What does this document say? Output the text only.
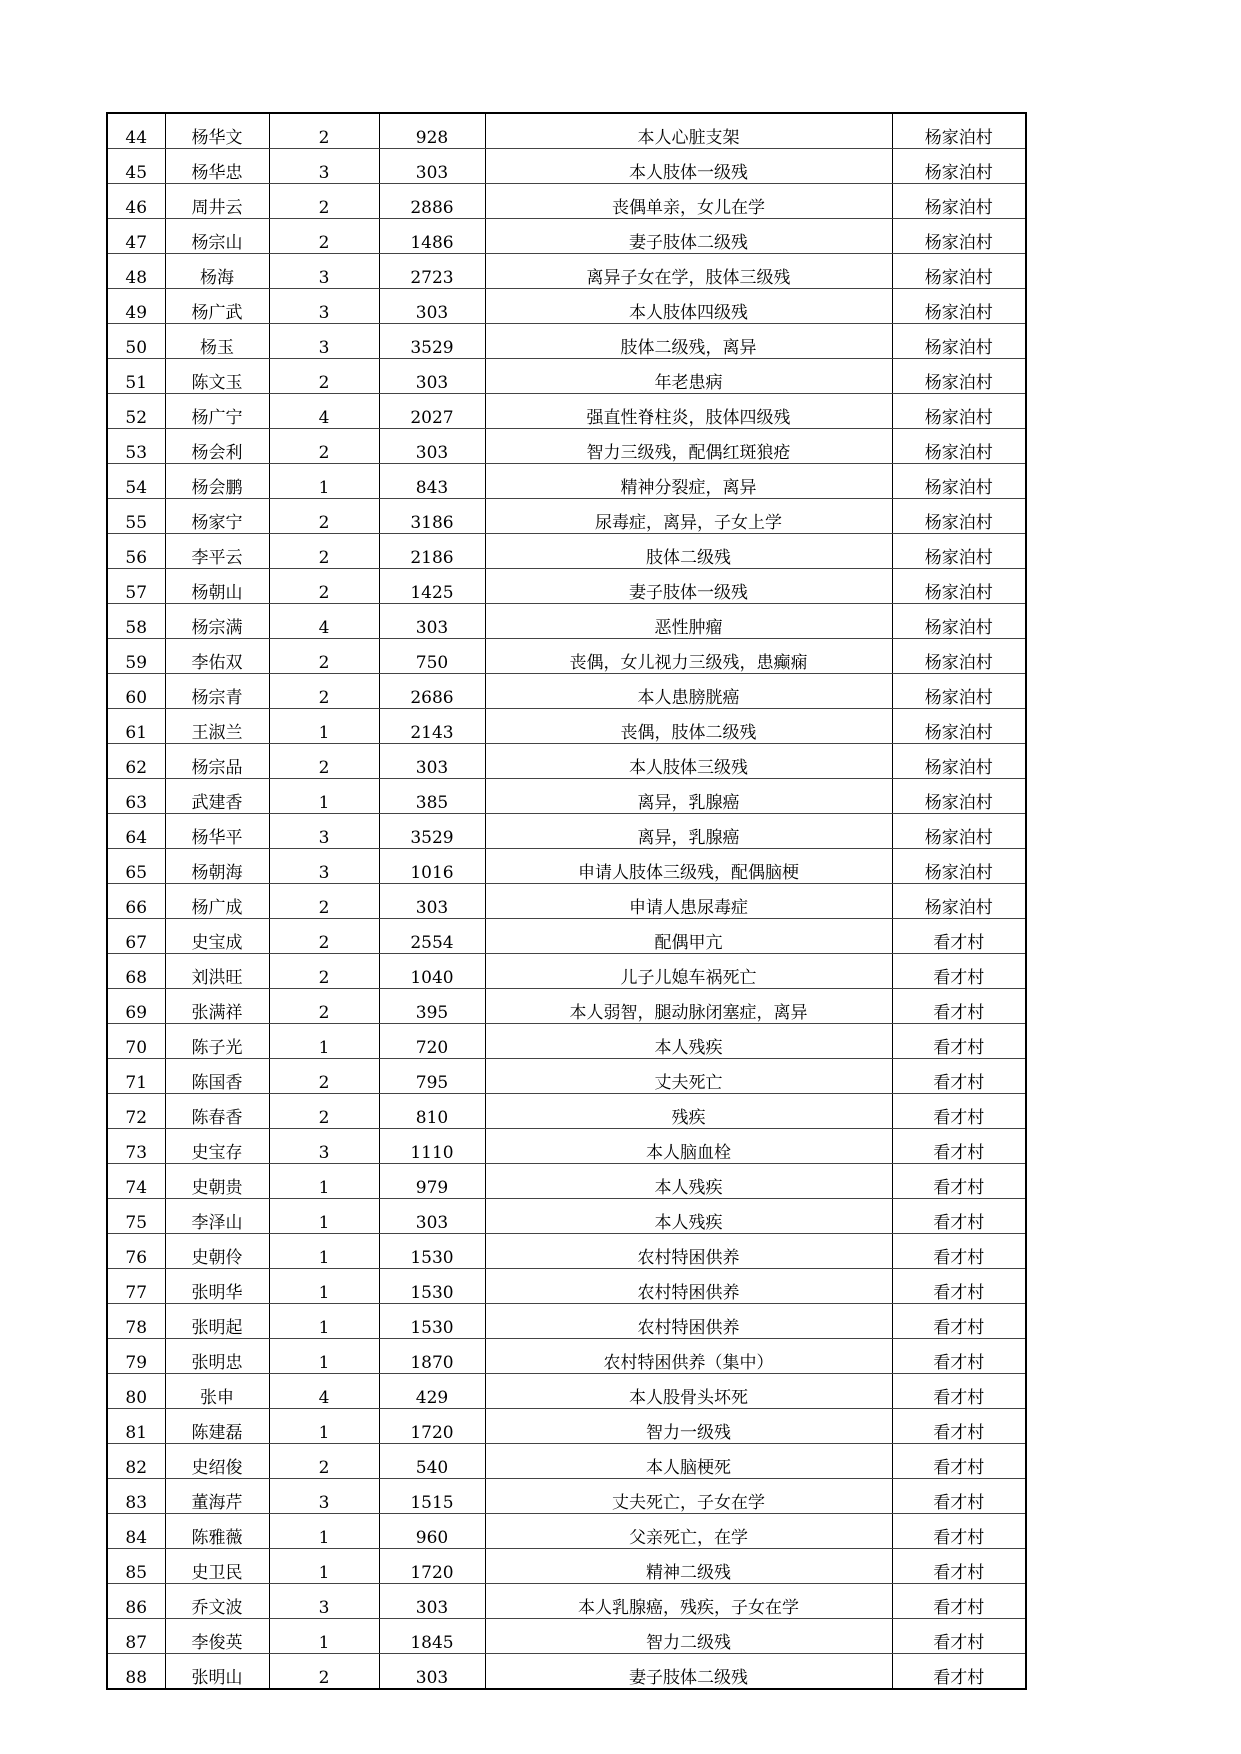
44	杨华文	2	928	本人心脏支架	杨家泊村
45	杨华忠	3	303	本人肢体一级残	杨家泊村
46	周井云	2	2886	丧偶单亲，女儿在学	杨家泊村
47	杨宗山	2	1486	妻子肢体二级残	杨家泊村
48	杨海	3	2723	离异子女在学，肢体三级残	杨家泊村
49	杨广武	3	303	本人肢体四级残	杨家泊村
50	杨玉	3	3529	肢体二级残，离异	杨家泊村
51	陈文玉	2	303	年老患病	杨家泊村
52	杨广宁	4	2027	强直性脊柱炎，肢体四级残	杨家泊村
53	杨会利	2	303	智力三级残，配偶红斑狼疮	杨家泊村
54	杨会鹏	1	843	精神分裂症，离异	杨家泊村
55	杨家宁	2	3186	尿毒症，离异，子女上学	杨家泊村
56	李平云	2	2186	肢体二级残	杨家泊村
57	杨朝山	2	1425	妻子肢体一级残	杨家泊村
58	杨宗满	4	303	恶性肿瘤	杨家泊村
59	李佑双	2	750	丧偶，女儿视力三级残，患癫痫	杨家泊村
60	杨宗青	2	2686	本人患膀胱癌	杨家泊村
61	王淑兰	1	2143	丧偶，肢体二级残	杨家泊村
62	杨宗品	2	303	本人肢体三级残	杨家泊村
63	武建香	1	385	离异，乳腺癌	杨家泊村
64	杨华平	3	3529	离异，乳腺癌	杨家泊村
65	杨朝海	3	1016	申请人肢体三级残，配偶脑梗	杨家泊村
66	杨广成	2	303	申请人患尿毒症	杨家泊村
67	史宝成	2	2554	配偶甲亢	看才村
68	刘洪旺	2	1040	儿子儿媳车祸死亡	看才村
69	张满祥	2	395	本人弱智，腿动脉闭塞症，离异	看才村
70	陈子光	1	720	本人残疾	看才村
71	陈国香	2	795	丈夫死亡	看才村
72	陈春香	2	810	残疾	看才村
73	史宝存	3	1110	本人脑血栓	看才村
74	史朝贵	1	979	本人残疾	看才村
75	李泽山	1	303	本人残疾	看才村
76	史朝伶	1	1530	农村特困供养	看才村
77	张明华	1	1530	农村特困供养	看才村
78	张明起	1	1530	农村特困供养	看才村
79	张明忠	1	1870	农村特困供养（集中）	看才村
80	张申	4	429	本人股骨头坏死	看才村
81	陈建磊	1	1720	智力一级残	看才村
82	史绍俊	2	540	本人脑梗死	看才村
83	董海芹	3	1515	丈夫死亡，子女在学	看才村
84	陈雅薇	1	960	父亲死亡，在学	看才村
85	史卫民	1	1720	精神二级残	看才村
86	乔文波	3	303	本人乳腺癌，残疾，子女在学	看才村
87	李俊英	1	1845	智力二级残	看才村
88	张明山	2	303	妻子肢体二级残	看才村
